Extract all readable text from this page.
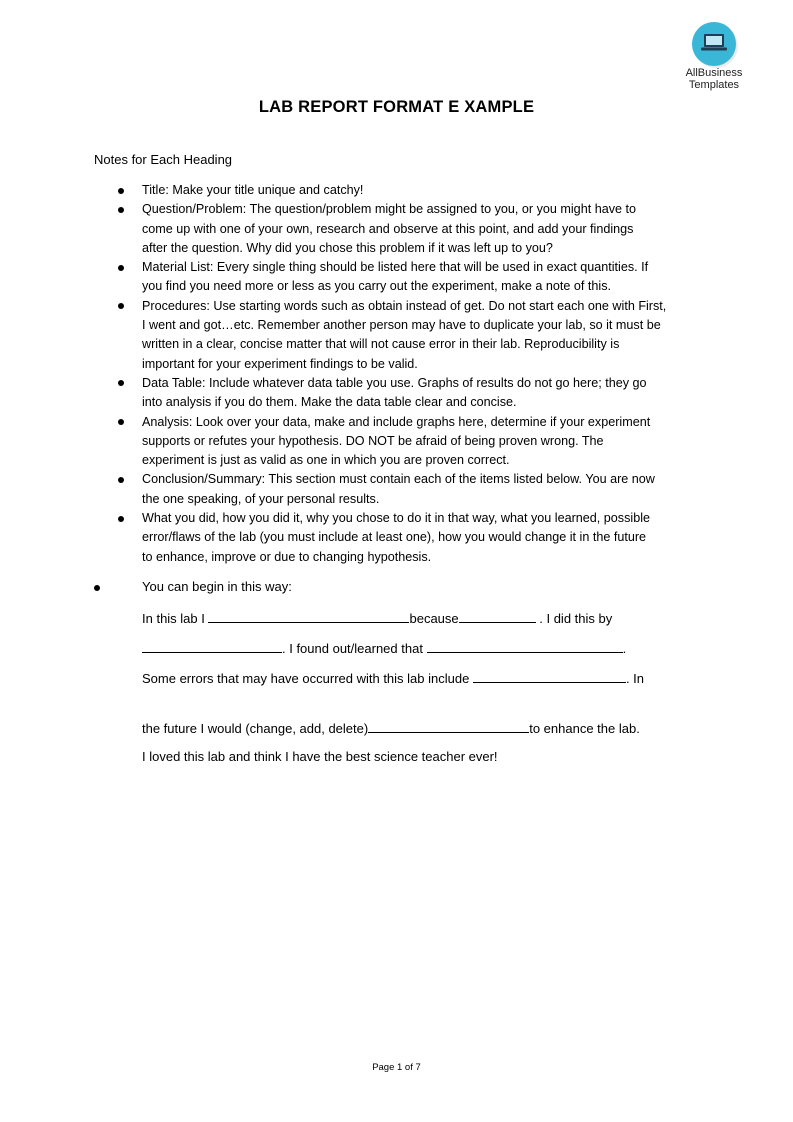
AllBusiness
Templates
LAB REPORT FORMAT E XAMPLE
Notes for Each Heading
Title: Make your title unique and catchy!
Question/Problem: The question/problem might be assigned to you, or you might have to
come up with one of your own, research and observe at this point, and add your findings
after the question. Why did you chose this problem if it was left up to you?
Material List: Every single thing should be listed here that will be used in exact quantities. If
you find you need more or less as you carry out the experiment, make a note of this.
Procedures: Use starting words such as obtain instead of get. Do not start each one with First,
I went and got…etc. Remember another person may have to duplicate your lab, so it must be
written in a clear, concise matter that will not cause error in their lab. Reproducibility is
important for your experiment findings to be valid.
Data Table: Include whatever data table you use. Graphs of results do not go here; they go
into analysis if you do them. Make the data table clear and concise.
Analysis: Look over your data, make and include graphs here, determine if your experiment
supports or refutes your hypothesis. DO NOT be afraid of being proven wrong. The
experiment is just as valid as one in which you are proven correct.
Conclusion/Summary: This section must contain each of the items listed below. You are now
the one speaking, of your personal results.
What you did, how you did it, why you chose to do it in that way, what you learned, possible
error/flaws of the lab (you must include at least one), how you would change it in the future
to enhance, improve or due to changing hypothesis.
You can begin in this way:
In this lab I	because	. I did this by
. I found out/learned that	.
Some errors that may have occurred with this lab include	. In
the future I would (change, add, delete)	to enhance the lab.
I loved this lab and think I have the best science teacher ever!
Page 1 of 7
